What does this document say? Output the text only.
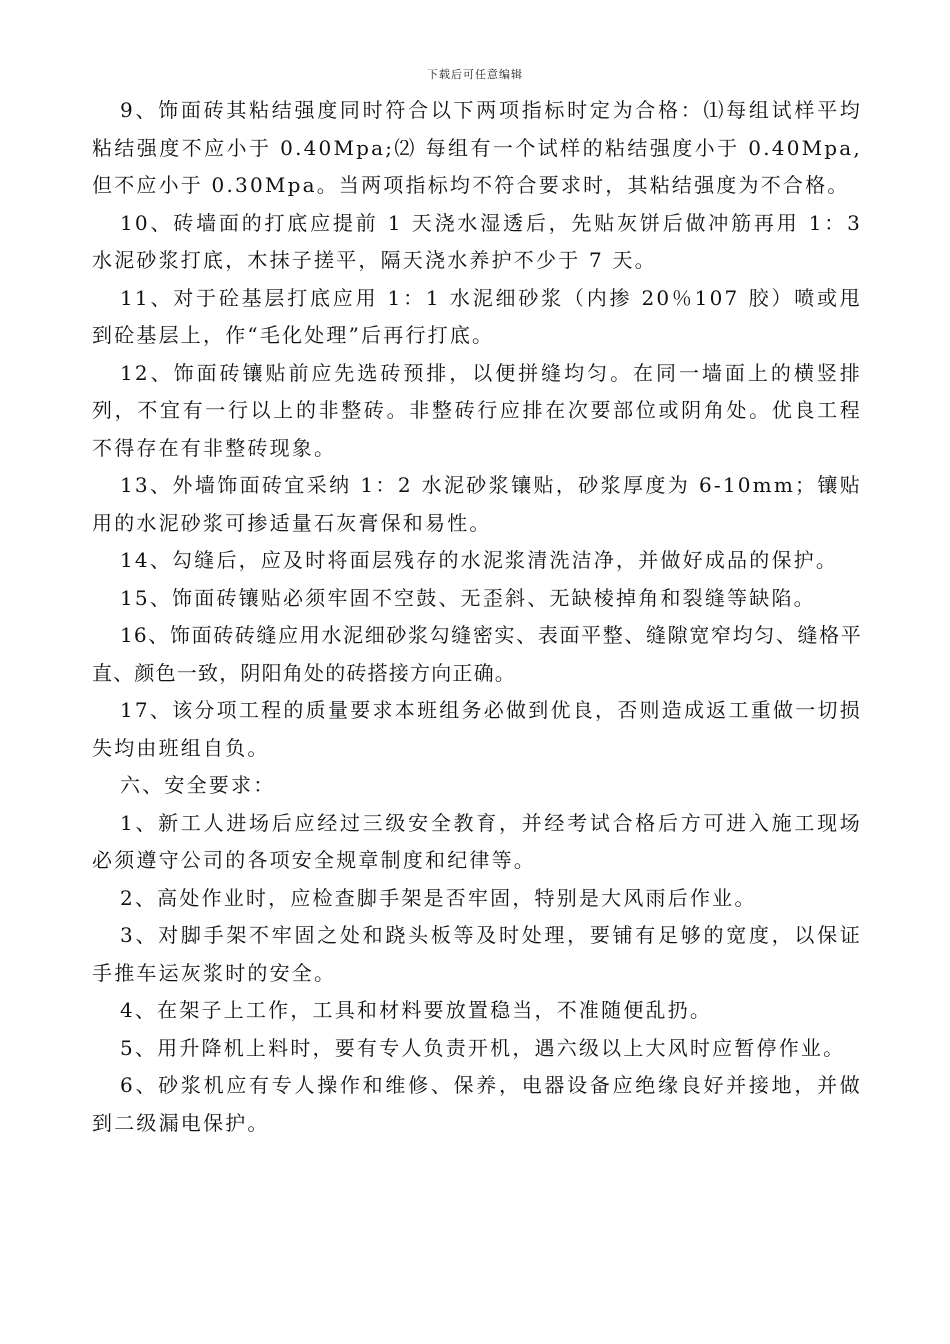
下载后可任意编辑

9、饰面砖其粘结强度同时符合以下两项指标时定为合格：⑴每组试样平均粘结强度不应小于 0.40Mpa;⑵ 每组有一个试样的粘结强度小于 0.40Mpa,但不应小于 0.30Mpa。当两项指标均不符合要求时，其粘结强度为不合格。

10、砖墙面的打底应提前 1 天浇水湿透后，先贴灰饼后做冲筋再用 1：3 水泥砂浆打底，木抹子搓平，隔天浇水养护不少于 7 天。

11、对于砼基层打底应用 1：1 水泥细砂浆（内掺 20％107 胶）喷或甩到砼基层上，作“毛化处理”后再行打底。

12、饰面砖镶贴前应先选砖预排，以便拼缝均匀。在同一墙面上的横竖排列，不宜有一行以上的非整砖。非整砖行应排在次要部位或阴角处。优良工程不得存在有非整砖现象。

13、外墙饰面砖宜采纳 1：2 水泥砂浆镶贴，砂浆厚度为 6-10mm；镶贴用的水泥砂浆可掺适量石灰膏保和易性。

14、勾缝后，应及时将面层残存的水泥浆清洗洁净，并做好成品的保护。

15、饰面砖镶贴必须牢固不空鼓、无歪斜、无缺棱掉角和裂缝等缺陷。

16、饰面砖砖缝应用水泥细砂浆勾缝密实、表面平整、缝隙宽窄均匀、缝格平直、颜色一致，阴阳角处的砖搭接方向正确。

17、该分项工程的质量要求本班组务必做到优良，否则造成返工重做一切损失均由班组自负。

六、安全要求：

1、新工人进场后应经过三级安全教育，并经考试合格后方可进入施工现场必须遵守公司的各项安全规章制度和纪律等。

2、高处作业时，应检查脚手架是否牢固，特别是大风雨后作业。

3、对脚手架不牢固之处和跷头板等及时处理，要铺有足够的宽度，以保证手推车运灰浆时的安全。

4、在架子上工作，工具和材料要放置稳当，不准随便乱扔。

5、用升降机上料时，要有专人负责开机，遇六级以上大风时应暂停作业。

6、砂浆机应有专人操作和维修、保养，电器设备应绝缘良好并接地，并做到二级漏电保护。
